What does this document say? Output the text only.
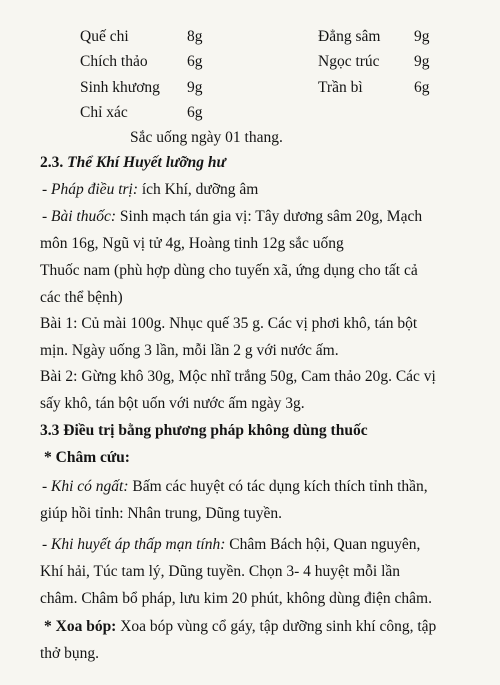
Quế chi	8g	Đẳng sâm 9g
Chích thảo	6g	Ngọc trúc 9g
Sinh khương 9g	Trần bì	6g
Chỉ xác	6g
Sắc uống ngày 01 thang.
2.3. Thể Khí Huyết lưỡng hư
- Pháp điều trị: ích Khí, dưỡng âm
- Bài thuốc: Sinh mạch tán gia vị: Tây dương sâm 20g, Mạch
môn 16g, Ngũ vị tử 4g, Hoàng tinh 12g sắc uống
Thuốc nam (phù hợp dùng cho tuyến xã, ứng dụng cho tất cả
các thể bệnh)
Bài 1: Củ mài 100g. Nhục quế 35 g. Các vị phơi khô, tán bột
mịn. Ngày uống 3 lần, mỗi lần 2 g với nước ấm.
Bài 2: Gừng khô 30g, Mộc nhĩ trắng 50g, Cam thảo 20g. Các vị
sấy khô, tán bột uốn với nước ấm ngày 3g.
3.3 Điều trị bằng phương pháp không dùng thuốc
* Châm cứu:
- Khi có ngất: Bấm các huyệt có tác dụng kích thích tỉnh thần,
giúp hồi tỉnh: Nhân trung, Dũng tuyền.
- Khi huyết áp thấp mạn tính: Châm Bách hội, Quan nguyên,
Khí hải, Túc tam lý, Dũng tuyền. Chọn 3- 4 huyệt mỗi lần
châm. Châm bổ pháp, lưu kim 20 phút, không dùng điện châm.
* Xoa bóp: Xoa bóp vùng cổ gáy, tập dưỡng sinh khí công, tập
thở bụng.
